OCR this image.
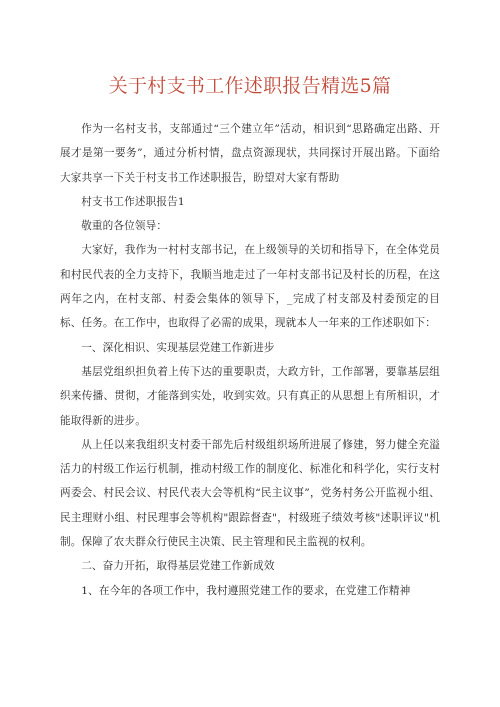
关于村支书工作述职报告精选5篇

作为一名村支书，支部通过“三个建立年”活动，相识到“思路确定出路、开展才是第一要务”，通过分析村情，盘点资源现状，共同探讨开展出路。下面给大家共享一下关于村支书工作述职报告，盼望对大家有帮助

村支书工作述职报告1

敬重的各位领导：

大家好，我作为一村村支部书记，在上级领导的关切和指导下，在全体党员和村民代表的全力支持下，我顺当地走过了一年村支部书记及村长的历程，在这两年之内，在村支部、村委会集体的领导下，_完成了村支部及村委预定的目标、任务。在工作中，也取得了必需的成果，现就本人一年来的工作述职如下：

一、深化相识、实现基层党建工作新进步

基层党组织担负着上传下达的重要职责，大政方针，工作部署，要靠基层组织来传播、贯彻，才能落到实处，收到实效。只有真正的从思想上有所相识，才能取得新的进步。

从上任以来我组织支村委干部先后村级组织场所进展了修建，努力健全充溢活力的村级工作运行机制，推动村级工作的制度化、标准化和科学化，实行支村两委会、村民会议、村民代表大会等机构“民主议事”，党务村务公开监视小组、民主理财小组、村民理事会等机构"跟踪督查"，村级班子绩效考核"述职评议"机制。保障了农夫群众行使民主决策、民主管理和民主监视的权利。

二、奋力开拓，取得基层党建工作新成效

1、在今年的各项工作中，我村遵照党建工作的要求，在党建工作精神
